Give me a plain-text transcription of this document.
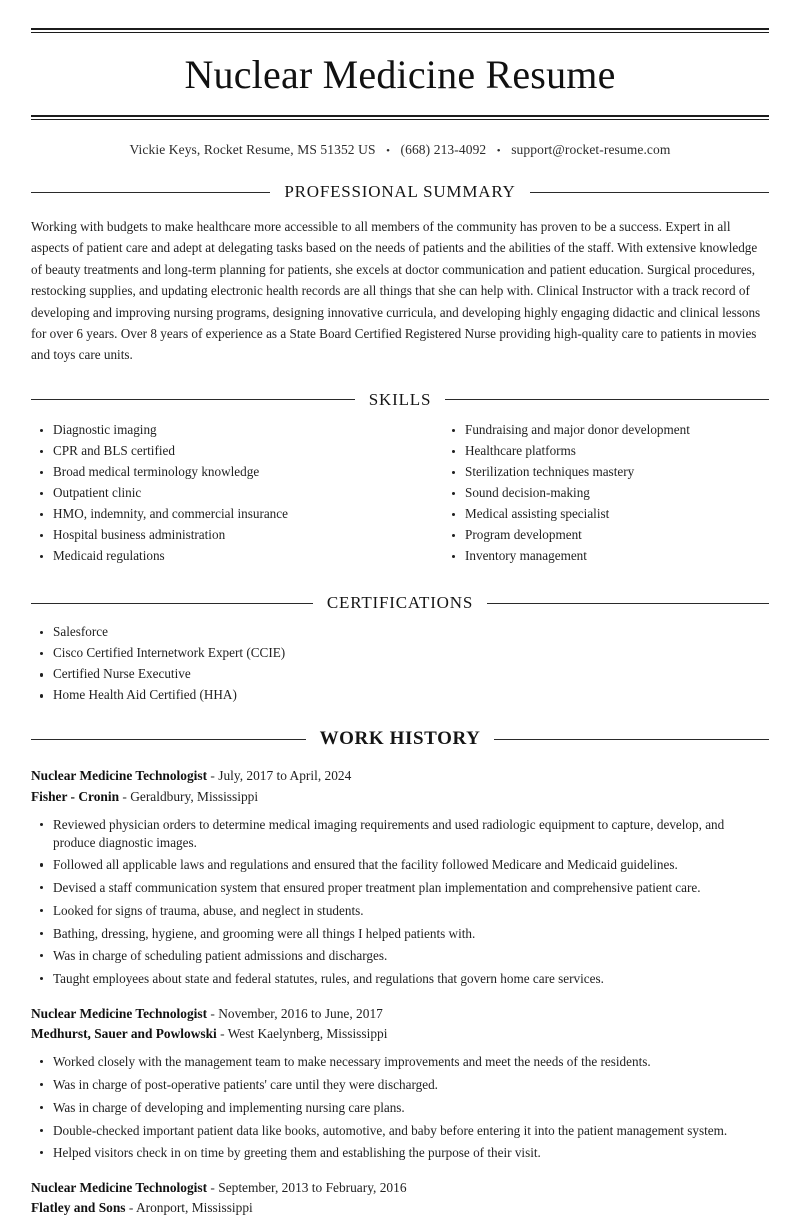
Nuclear Medicine Resume
Vickie Keys, Rocket Resume, MS 51352 US • (668) 213-4092 • support@rocket-resume.com
PROFESSIONAL SUMMARY
Working with budgets to make healthcare more accessible to all members of the community has proven to be a success. Expert in all aspects of patient care and adept at delegating tasks based on the needs of patients and the abilities of the staff. With extensive knowledge of beauty treatments and long-term planning for patients, she excels at doctor communication and patient education. Surgical procedures, restocking supplies, and updating electronic health records are all things that she can help with. Clinical Instructor with a track record of developing and improving nursing programs, designing innovative curricula, and developing highly engaging didactic and clinical lessons for over 6 years. Over 8 years of experience as a State Board Certified Registered Nurse providing high-quality care to patients in movies and toys care units.
SKILLS
Diagnostic imaging
CPR and BLS certified
Broad medical terminology knowledge
Outpatient clinic
HMO, indemnity, and commercial insurance
Hospital business administration
Medicaid regulations
Fundraising and major donor development
Healthcare platforms
Sterilization techniques mastery
Sound decision-making
Medical assisting specialist
Program development
Inventory management
CERTIFICATIONS
Salesforce
Cisco Certified Internetwork Expert (CCIE)
Certified Nurse Executive
Home Health Aid Certified (HHA)
WORK HISTORY
Nuclear Medicine Technologist - July, 2017 to April, 2024
Fisher - Cronin - Geraldbury, Mississippi
Reviewed physician orders to determine medical imaging requirements and used radiologic equipment to capture, develop, and produce diagnostic images.
Followed all applicable laws and regulations and ensured that the facility followed Medicare and Medicaid guidelines.
Devised a staff communication system that ensured proper treatment plan implementation and comprehensive patient care.
Looked for signs of trauma, abuse, and neglect in students.
Bathing, dressing, hygiene, and grooming were all things I helped patients with.
Was in charge of scheduling patient admissions and discharges.
Taught employees about state and federal statutes, rules, and regulations that govern home care services.
Nuclear Medicine Technologist - November, 2016 to June, 2017
Medhurst, Sauer and Powlowski - West Kaelynberg, Mississippi
Worked closely with the management team to make necessary improvements and meet the needs of the residents.
Was in charge of post-operative patients' care until they were discharged.
Was in charge of developing and implementing nursing care plans.
Double-checked important patient data like books, automotive, and baby before entering it into the patient management system.
Helped visitors check in on time by greeting them and establishing the purpose of their visit.
Nuclear Medicine Technologist - September, 2013 to February, 2016
Flatley and Sons - Aronport, Mississippi
